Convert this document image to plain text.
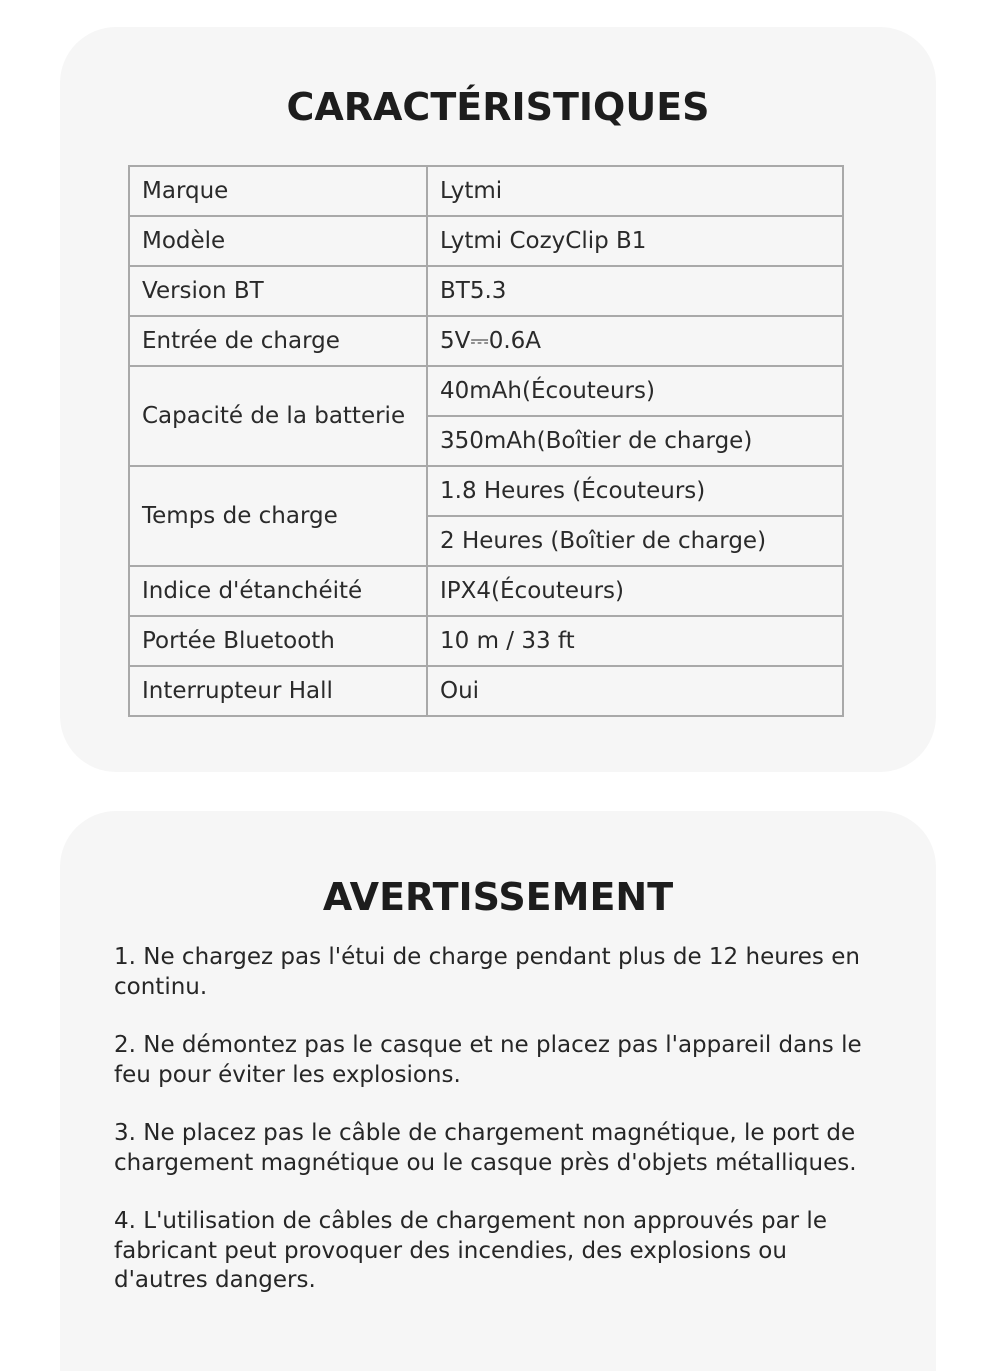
CARACTÉRISTIQUES
Marque	Lytmi
Modèle	Lytmi CozyClip B1
Version BT	BT5.3
Entrée de charge	5V⎓0.6A
Capacité de la batterie	40mAh(Écouteurs)
	350mAh(Boîtier de charge)
Temps de charge	1.8 Heures (Écouteurs)
	2 Heures (Boîtier de charge)
Indice d'étanchéité	IPX4(Écouteurs)
Portée Bluetooth	10 m / 33 ft
Interrupteur Hall	Oui
AVERTISSEMENT
1. Ne chargez pas l'étui de charge pendant plus de 12 heures en continu.
2. Ne démontez pas le casque et ne placez pas l'appareil dans le feu pour éviter les explosions.
3. Ne placez pas le câble de chargement magnétique, le port de chargement magnétique ou le casque près d'objets métalliques.
4. L'utilisation de câbles de chargement non approuvés par le fabricant peut provoquer des incendies, des explosions ou d'autres dangers.
